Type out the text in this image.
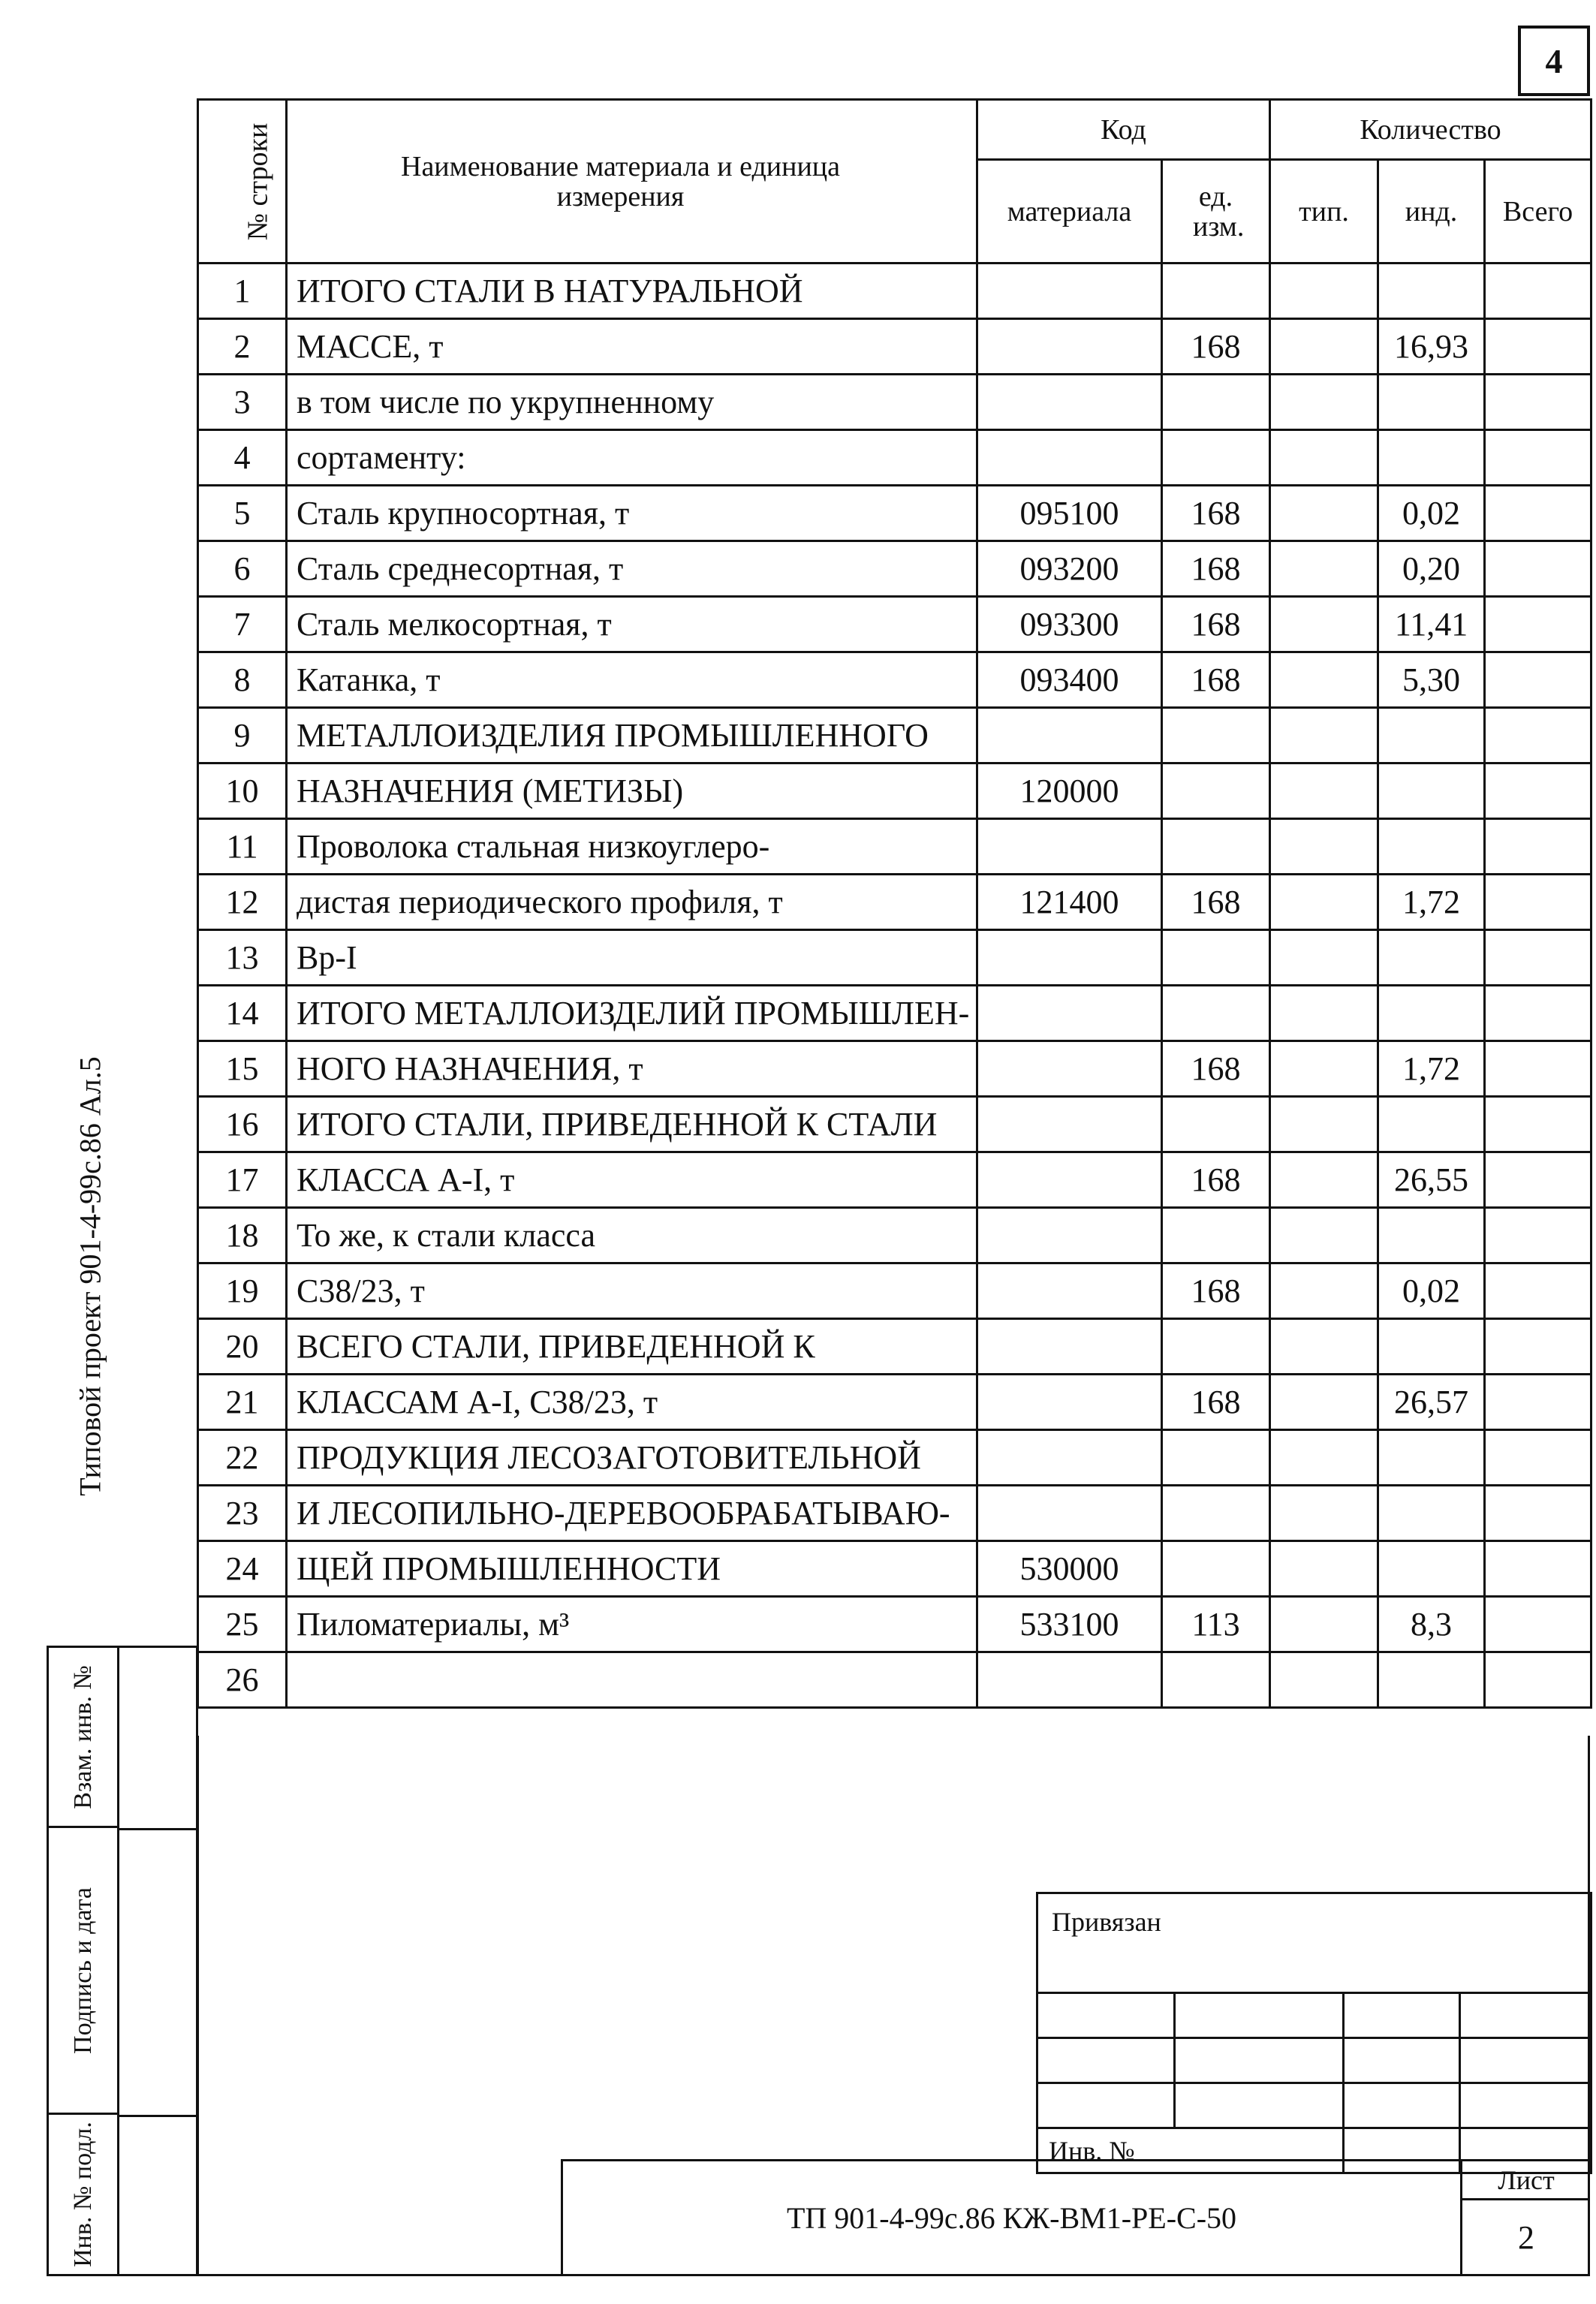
4
Типовой проект 901-4-99с.86 Ал.5
№ строки	Наименование материала и единица измерения	Код		Количество		
		материала	ед. изм.	тип.	инд.	Всего
1	ИТОГО СТАЛИ В НАТУРАЛЬНОЙ					
2	МАССЕ, т		168		16,93	
3	в том числе по укрупненному					
4	сортаменту:					
5	Сталь крупносортная, т	095100	168		0,02	
6	Сталь среднесортная, т	093200	168		0,20	
7	Сталь мелкосортная, т	093300	168		11,41	
8	Катанка, т	093400	168		5,30	
9	МЕТАЛЛОИЗДЕЛИЯ ПРОМЫШЛЕННОГО					
10	НАЗНАЧЕНИЯ (МЕТИЗЫ)	120000				
11	Проволока стальная низкоуглеро-					
12	дистая периодического профиля, т	121400	168		1,72	
13	Вр-I					
14	ИТОГО МЕТАЛЛОИЗДЕЛИЙ ПРОМЫШЛЕН-					
15	НОГО НАЗНАЧЕНИЯ, т		168		1,72	
16	ИТОГО СТАЛИ, ПРИВЕДЕННОЙ К СТАЛИ					
17	КЛАССА А-I, т		168		26,55	
18	То же, к стали класса					
19	С38/23, т		168		0,02	
20	ВСЕГО СТАЛИ, ПРИВЕДЕННОЙ К					
21	КЛАССАМ А-I, С38/23, т		168		26,57	
22	ПРОДУКЦИЯ ЛЕСОЗАГОТОВИТЕЛЬНОЙ					
23	И ЛЕСОПИЛЬНО-ДЕРЕВООБРАБАТЫВАЮ-					
24	ЩЕЙ ПРОМЫШЛЕННОСТИ	530000				
25	Пиломатериалы, м³	533100	113		8,3	
26						
Взам. инв. №
Подпись и дата
Инв. № подл.
Привязан			

Инв. №			
ТП 901-4-99с.86 КЖ-ВМ1-РЕ-С-50
Лист
2
